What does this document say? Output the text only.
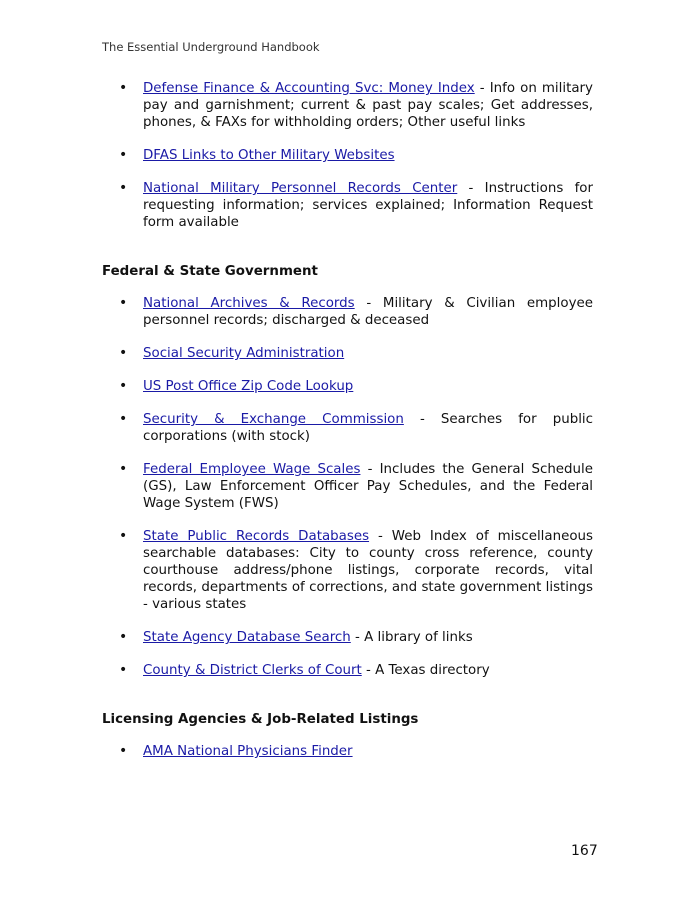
The Essential Underground Handbook
• Defense Finance & Accounting Svc: Money Index - Info on military pay and garnishment; current & past pay scales; Get addresses, phones, & FAXs for withholding orders; Other useful links
• DFAS Links to Other Military Websites
• National Military Personnel Records Center - Instructions for requesting information; services explained; Information Request form available
Federal & State Government
• National Archives & Records - Military & Civilian employee personnel records; discharged & deceased
• Social Security Administration
• US Post Office Zip Code Lookup
• Security & Exchange Commission - Searches for public corporations (with stock)
• Federal Employee Wage Scales - Includes the General Schedule (GS), Law Enforcement Officer Pay Schedules, and the Federal Wage System (FWS)
• State Public Records Databases - Web Index of miscellaneous searchable databases: City to county cross reference, county courthouse address/phone listings, corporate records, vital records, departments of corrections, and state government listings - various states
• State Agency Database Search - A library of links
• County & District Clerks of Court - A Texas directory
Licensing Agencies & Job-Related Listings
• AMA National Physicians Finder
167
